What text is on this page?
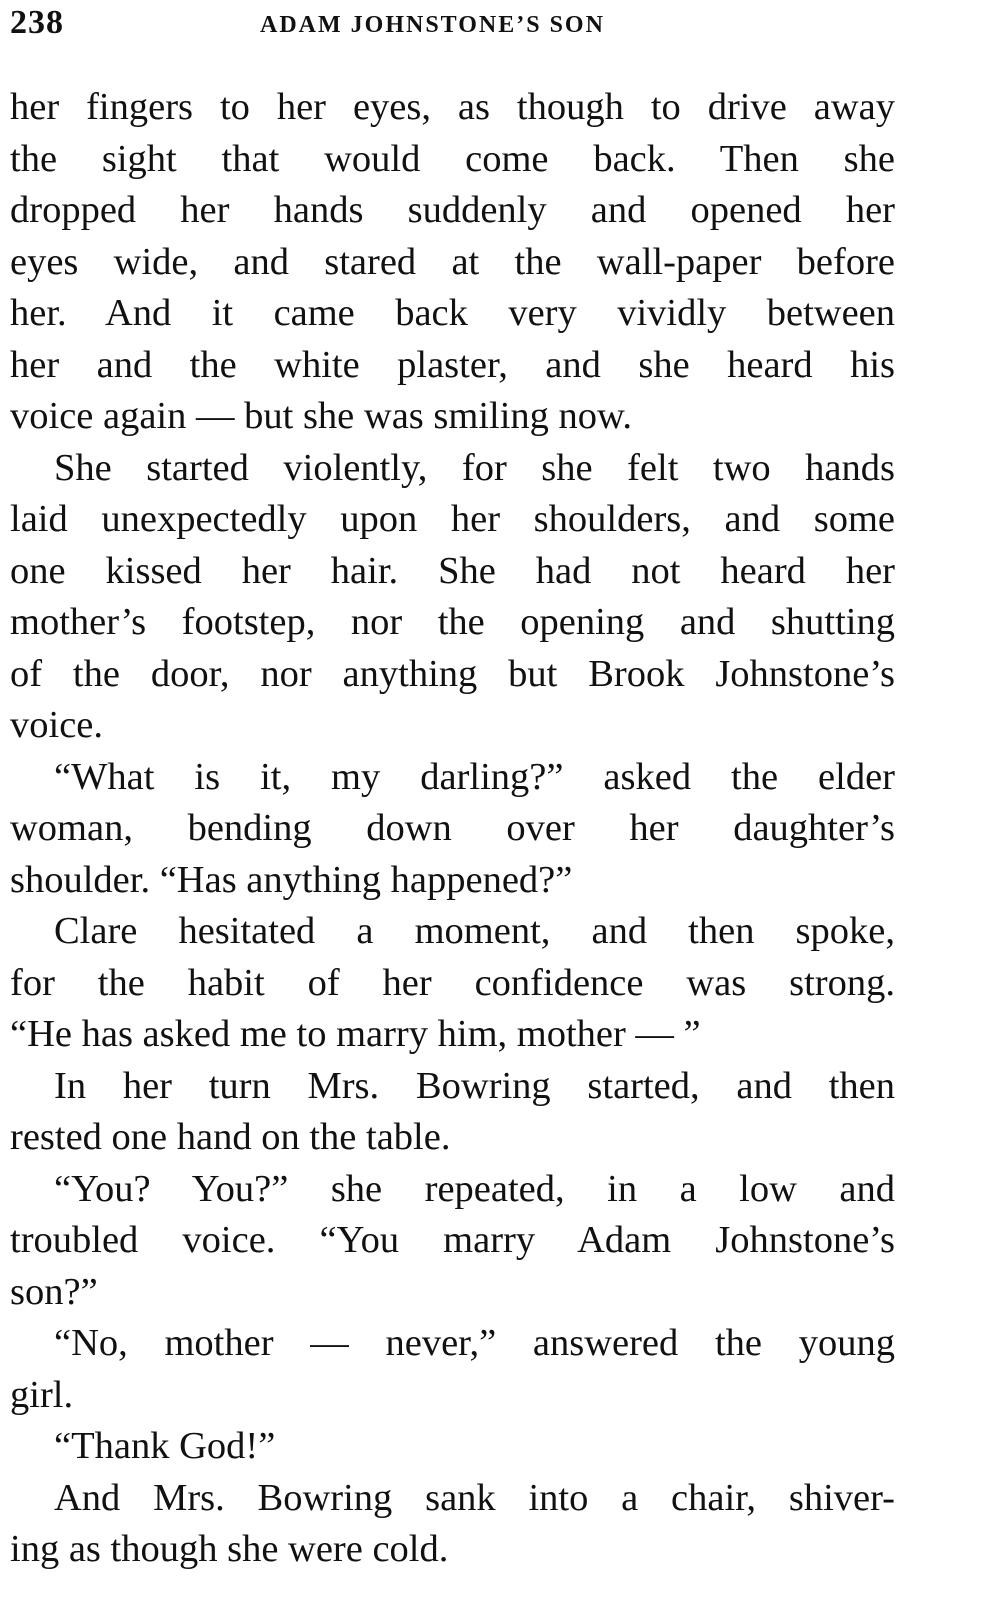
238	ADAM JOHNSTONE’S SON
her fingers to her eyes, as though to drive away
the sight that would come back. Then she
dropped her hands suddenly and opened her
eyes wide, and stared at the wall-paper before
her. And it came back very vividly between
her and the white plaster, and she heard his
voice again — but she was smiling now.
She started violently, for she felt two hands
laid unexpectedly upon her shoulders, and some
one kissed her hair. She had not heard her
mother’s footstep, nor the opening and shutting
of the door, nor anything but Brook Johnstone’s
voice.
“What is it, my darling?” asked the elder
woman, bending down over her daughter’s
shoulder. “Has anything happened?”
Clare hesitated a moment, and then spoke,
for the habit of her confidence was strong.
“He has asked me to marry him, mother — ”
In her turn Mrs. Bowring started, and then
rested one hand on the table.
“You? You?” she repeated, in a low and
troubled voice. “You marry Adam Johnstone’s
son?”
“No, mother — never,” answered the young
girl.
“Thank God!”
And Mrs. Bowring sank into a chair, shiver-
ing as though she were cold.
